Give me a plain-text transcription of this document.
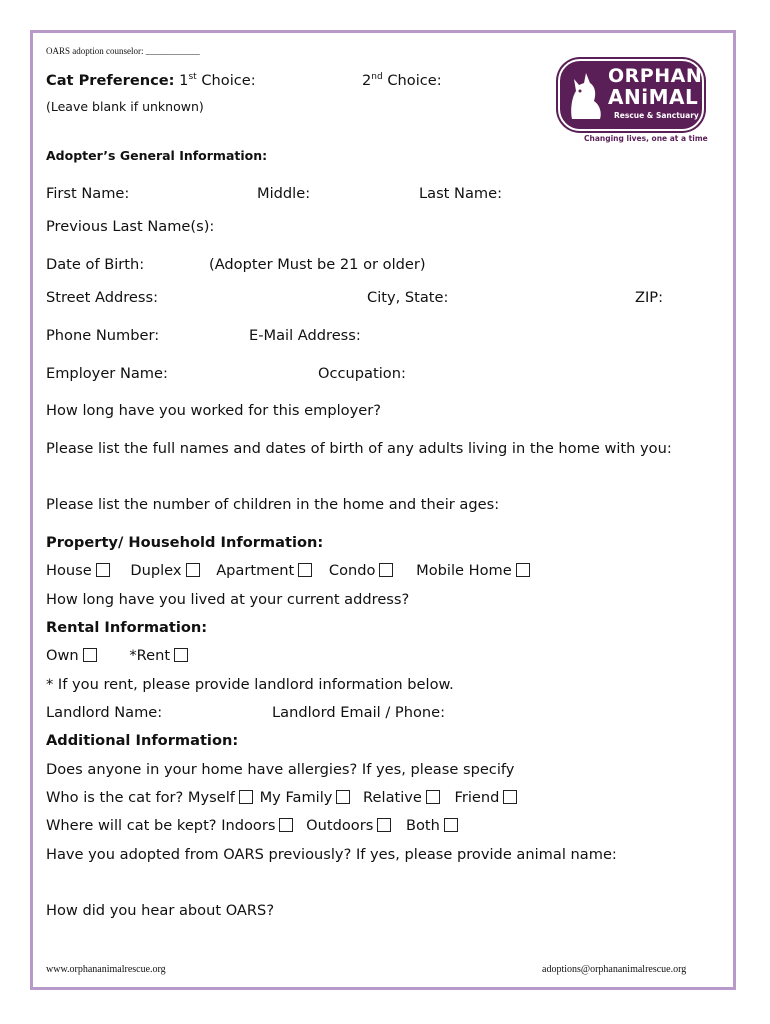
OARS adoption counselor: ____________
Cat Preference: 1st Choice:	2nd Choice:
(Leave blank if unknown)
ORPHAN
ANiMAL
Rescue & Sanctuary
Changing lives, one at a time
Adopter’s General Information:
First Name:	Middle:	Last Name:
Previous Last Name(s):
Date of Birth:	(Adopter Must be 21 or older)
Street Address:	City, State:	ZIP:
Phone Number:	E-Mail Address:
Employer Name:	Occupation:
How long have you worked for this employer?
Please list the full names and dates of birth of any adults living in the home with you:
Please list the number of children in the home and their ages:
Property/ Household Information:
House	Duplex Apartment Condo	Mobile Home
How long have you lived at your current address?
Rental Information:
Own	*Rent
* If you rent, please provide landlord information below.
Landlord Name:	Landlord Email / Phone:
Additional Information:
Does anyone in your home have allergies? If yes, please specify
Who is the cat for? Myself My Family Relative Friend
Where will cat be kept? Indoors Outdoors Both
Have you adopted from OARS previously? If yes, please provide animal name:
How did you hear about OARS?
www.orphananimalrescue.org	adoptions@orphananimalrescue.org
